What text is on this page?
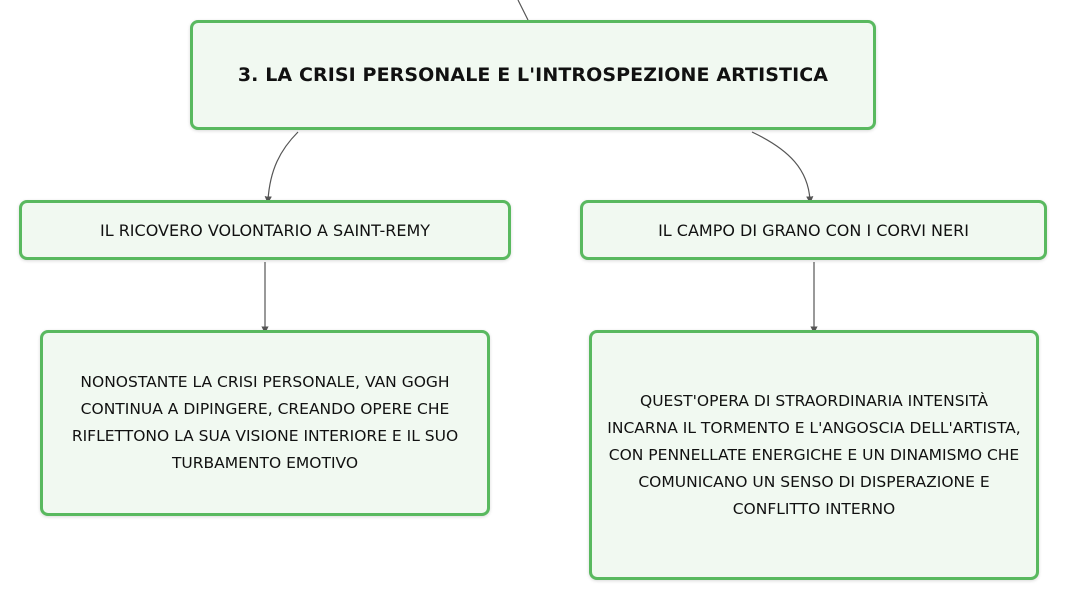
3. LA CRISI PERSONALE E L'INTROSPEZIONE ARTISTICA
IL RICOVERO VOLONTARIO A SAINT-REMY	IL CAMPO DI GRANO CON I CORVI NERI
NONOSTANTE LA CRISI PERSONALE, VAN GOGH CONTINUA A DIPINGERE, CREANDO OPERE CHE RIFLETTONO LA SUA VISIONE INTERIORE E IL SUO TURBAMENTO EMOTIVO
QUEST'OPERA DI STRAORDINARIA INTENSITÀ INCARNA IL TORMENTO E L'ANGOSCIA DELL'ARTISTA, CON PENNELLATE ENERGICHE E UN DINAMISMO CHE COMUNICANO UN SENSO DI DISPERAZIONE E CONFLITTO INTERNO
